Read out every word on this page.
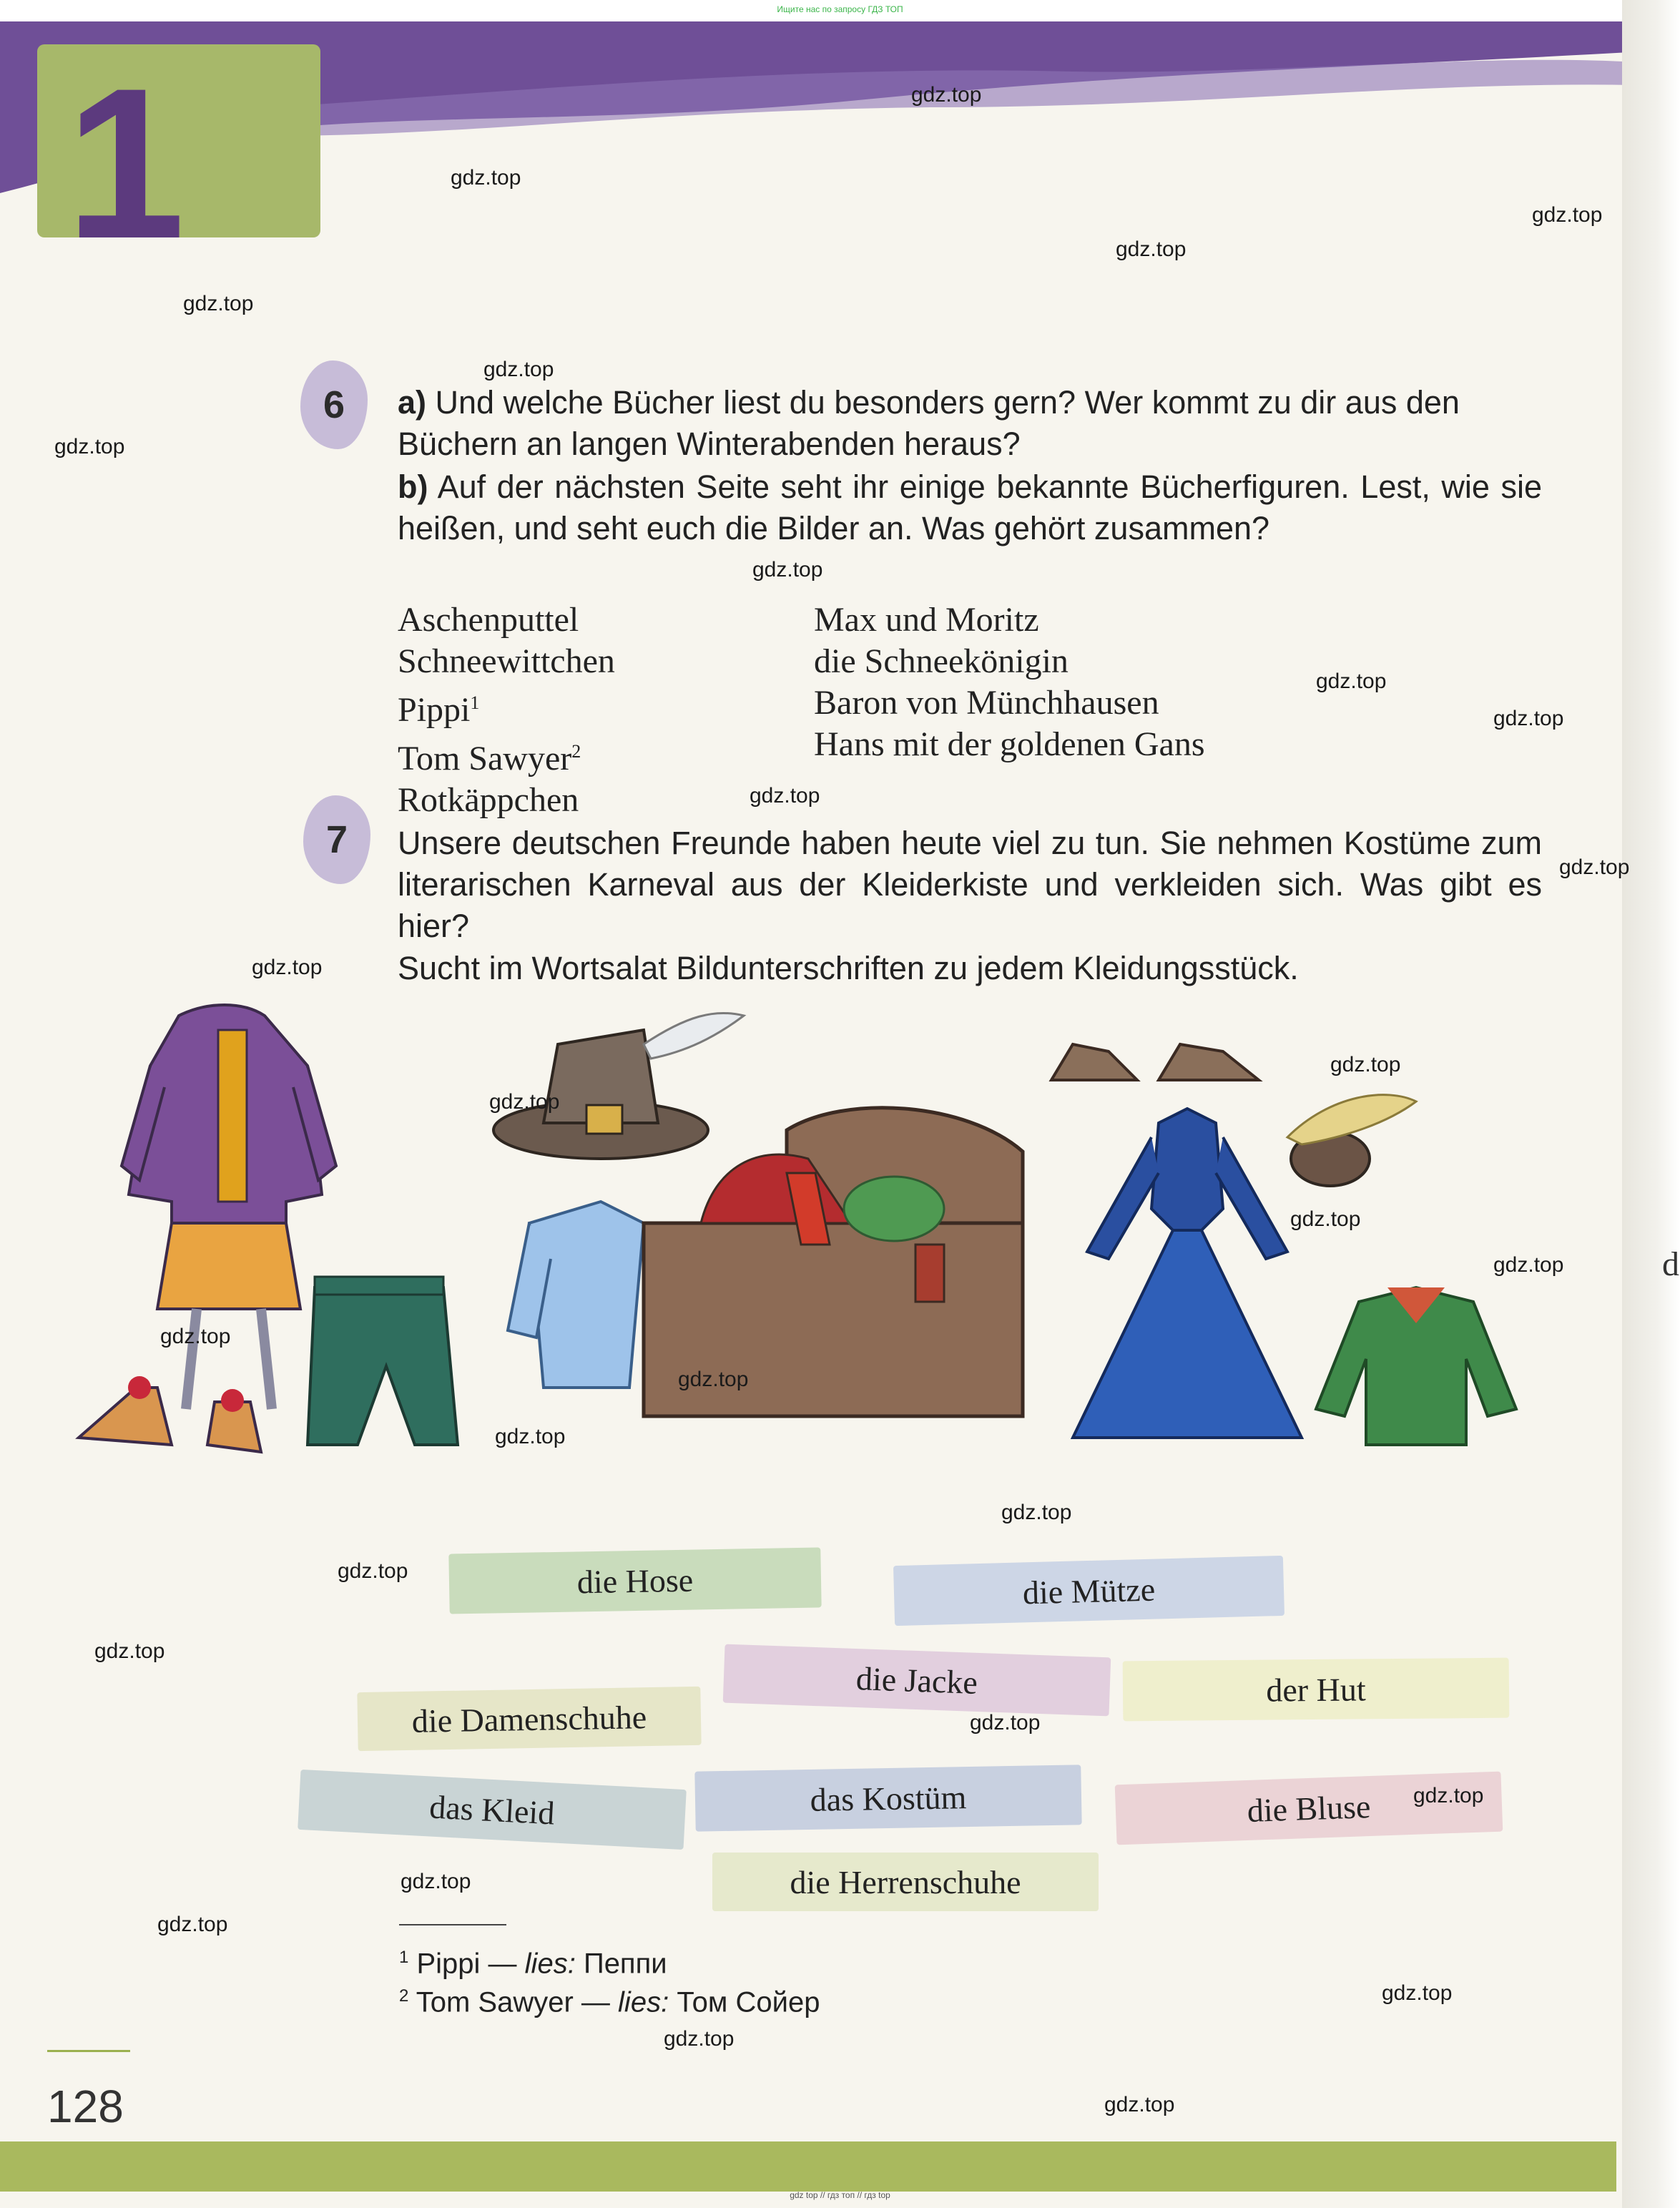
Ищите нас по запросу ГДЗ ТОП
1
6	a) Und welche Bücher liest du besonders gern? Wer kommt zu dir aus den Büchern an langen Winterabenden heraus?
b) Auf der nächsten Seite seht ihr einige bekannte Bücherfiguren. Lest, wie sie heißen, und seht euch die Bilder an. Was gehört zusammen?
Aschenputtel
Schneewittchen
Pippi$^1$
Tom Sawyer$^2$
Rotkäppchen
Max und Moritz
die Schneekönigin
Baron von Münchhausen
Hans mit der goldenen Gans
7	Unsere deutschen Freunde haben heute viel zu tun. Sie nehmen Kostüme zum literarischen Karneval aus der Kleiderkiste und verkleiden sich. Was gibt es hier?
Sucht im Wortsalat Bildunterschriften zu jedem Kleidungsstück.
die Hose	die Mütze
die Jacke	der Hut
die Damenschuhe
das Kostüm
das Kleid	die Bluse
die Herrenschuhe
$^1$ Pippi — lies: Пеппи
$^2$ Tom Sawyer — lies: Том Сойер
d
gdz.top
gdz.top
gdz.top
gdz.top
gdz.top
gdz.top
gdz.top
gdz.top
gdz.top
gdz.top
gdz.top
gdz.top
gdz.top
gdz.top
gdz.top
gdz.top
gdz.top
gdz.top
gdz.top
gdz.top
gdz.top
gdz.top
gdz.top
gdz.top
gdz.top
gdz.top
gdz.top
gdz.top
gdz.top
gdz.top
128
gdz top // гдз топ // гдз top
